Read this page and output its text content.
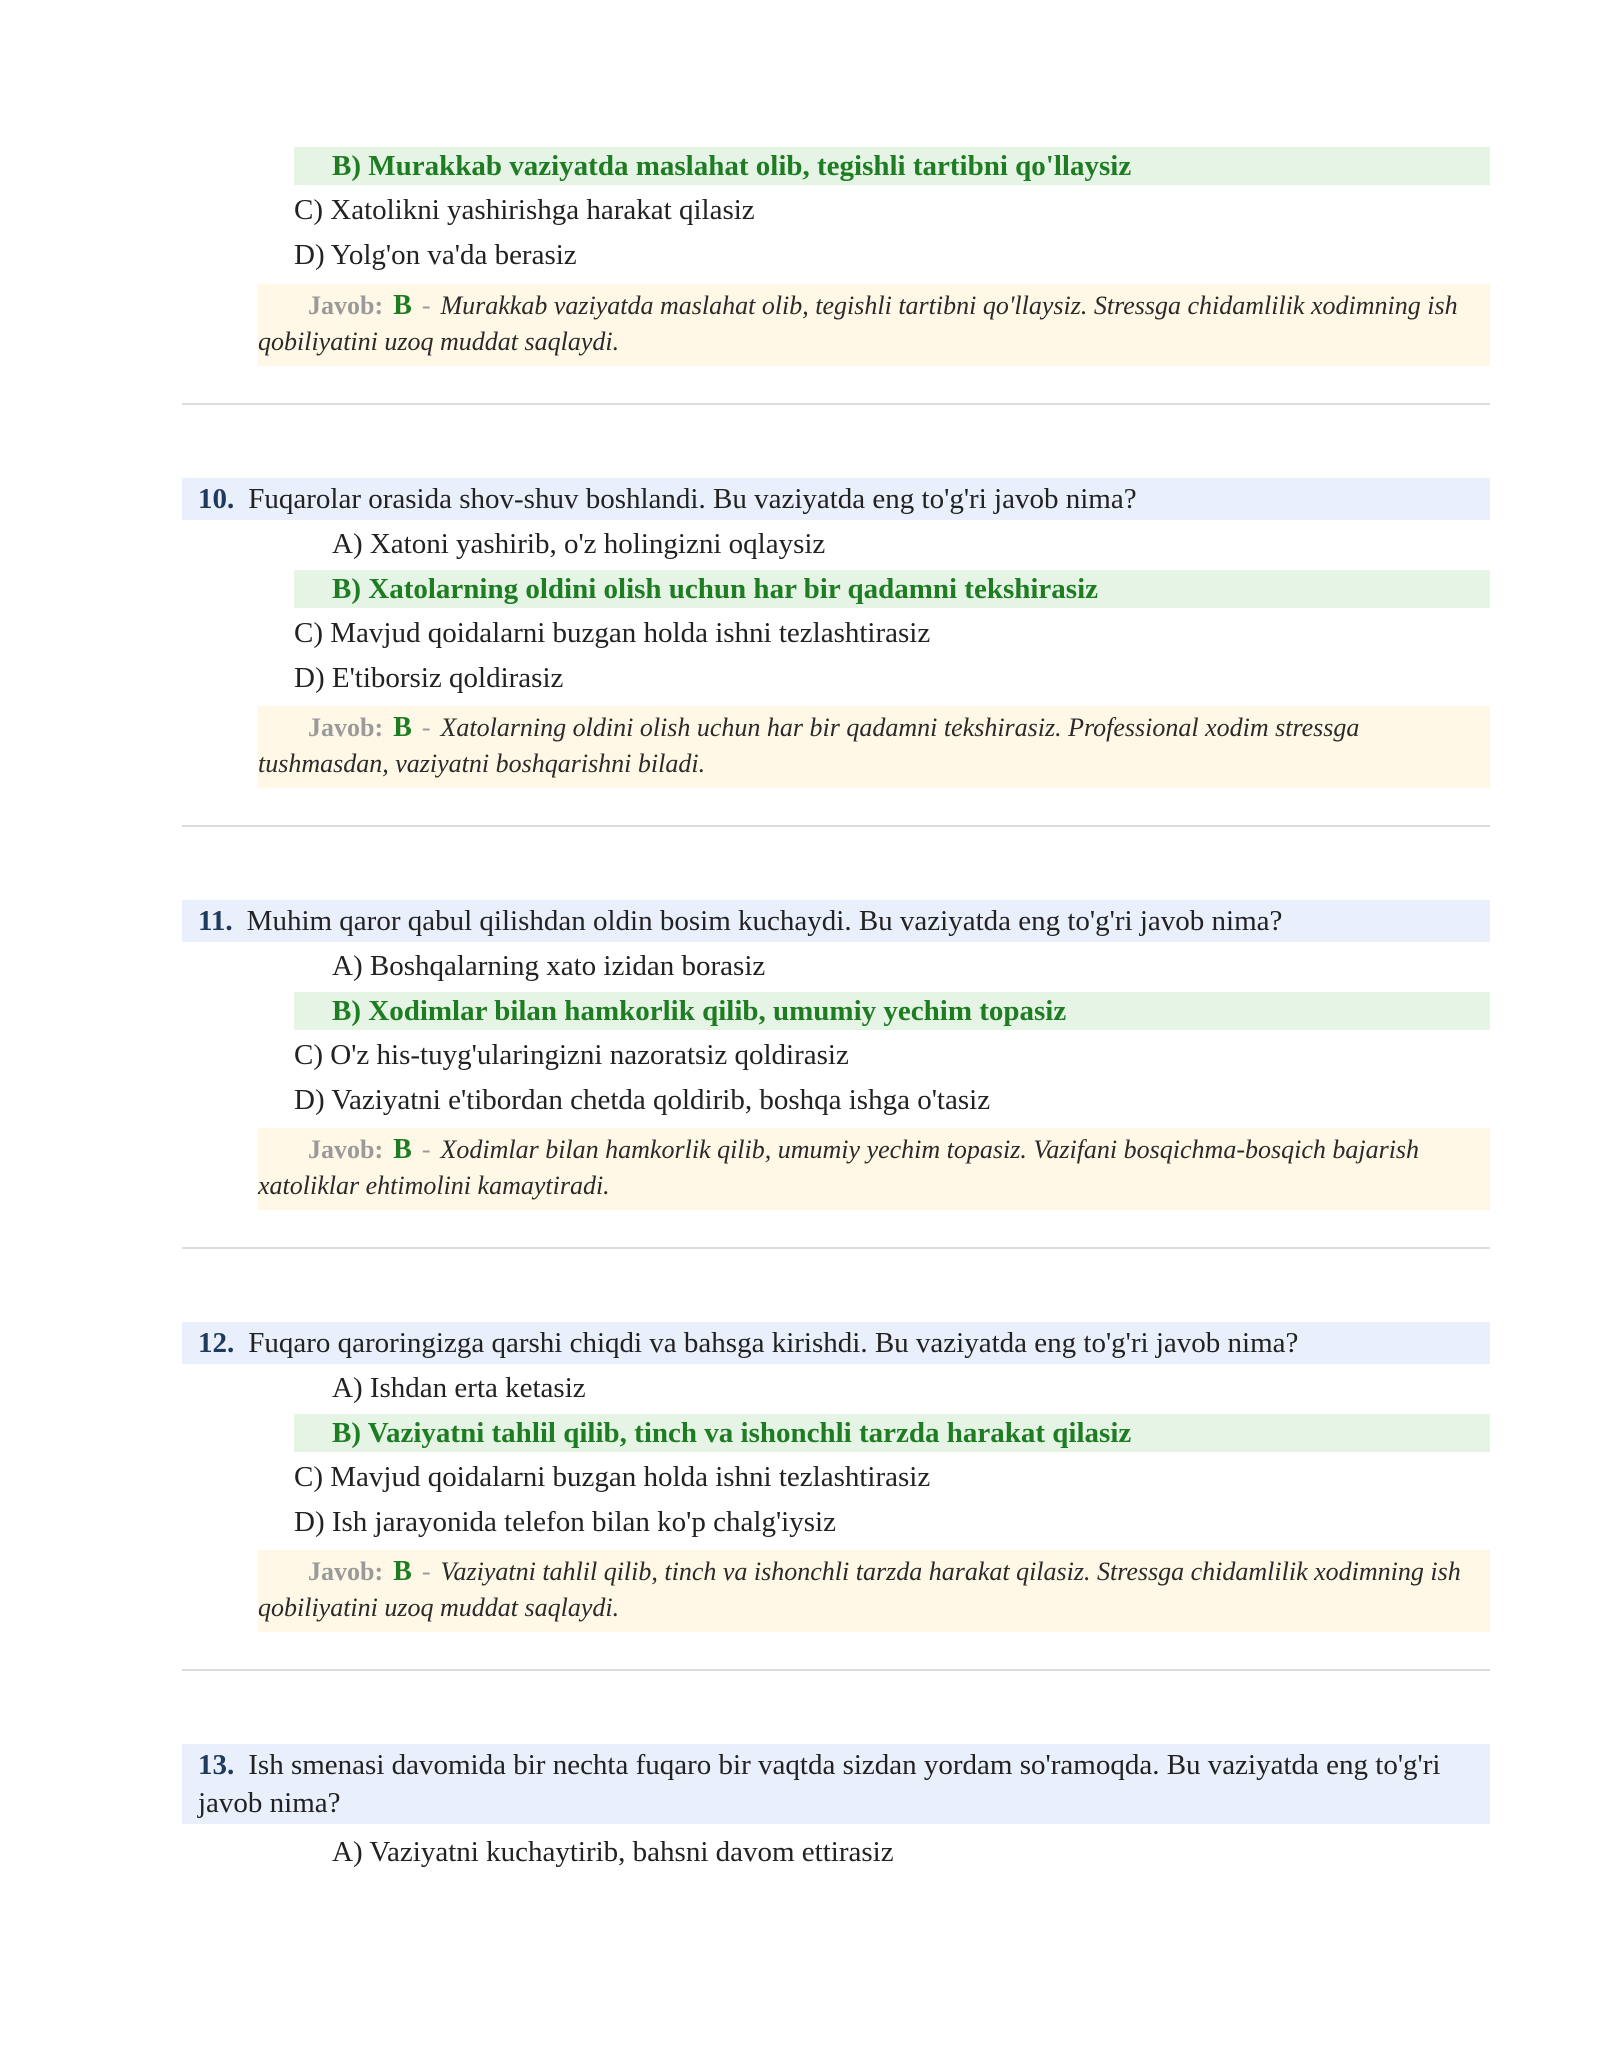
B) Murakkab vaziyatda maslahat olib, tegishli tartibni qo'llaysiz
C) Xatolikni yashirishga harakat qilasiz
D) Yolg'on va'da berasiz
Javob: B - Murakkab vaziyatda maslahat olib, tegishli tartibni qo'llaysiz. Stressga chidamlilik xodimning ish qobiliyatini uzoq muddat saqlaydi.
10. Fuqarolar orasida shov-shuv boshlandi. Bu vaziyatda eng to'g'ri javob nima?
A) Xatoni yashirib, o'z holingizni oqlaysiz
B) Xatolarning oldini olish uchun har bir qadamni tekshirasiz
C) Mavjud qoidalarni buzgan holda ishni tezlashtirasiz
D) E'tiborsiz qoldirasiz
Javob: B - Xatolarning oldini olish uchun har bir qadamni tekshirasiz. Professional xodim stressga tushmasdan, vaziyatni boshqarishni biladi.
11. Muhim qaror qabul qilishdan oldin bosim kuchaydi. Bu vaziyatda eng to'g'ri javob nima?
A) Boshqalarning xato izidan borasiz
B) Xodimlar bilan hamkorlik qilib, umumiy yechim topasiz
C) O'z his-tuyg'ularingizni nazoratsiz qoldirasiz
D) Vaziyatni e'tibordan chetda qoldirib, boshqa ishga o'tasiz
Javob: B - Xodimlar bilan hamkorlik qilib, umumiy yechim topasiz. Vazifani bosqichma-bosqich bajarish xatoliklar ehtimolini kamaytiradi.
12. Fuqaro qaroringizga qarshi chiqdi va bahsga kirishdi. Bu vaziyatda eng to'g'ri javob nima?
A) Ishdan erta ketasiz
B) Vaziyatni tahlil qilib, tinch va ishonchli tarzda harakat qilasiz
C) Mavjud qoidalarni buzgan holda ishni tezlashtirasiz
D) Ish jarayonida telefon bilan ko'p chalg'iysiz
Javob: B - Vaziyatni tahlil qilib, tinch va ishonchli tarzda harakat qilasiz. Stressga chidamlilik xodimning ish qobiliyatini uzoq muddat saqlaydi.
13. Ish smenasi davomida bir nechta fuqaro bir vaqtda sizdan yordam so'ramoqda. Bu vaziyatda eng to'g'ri javob nima?
A) Vaziyatni kuchaytirib, bahsni davom ettirasiz
